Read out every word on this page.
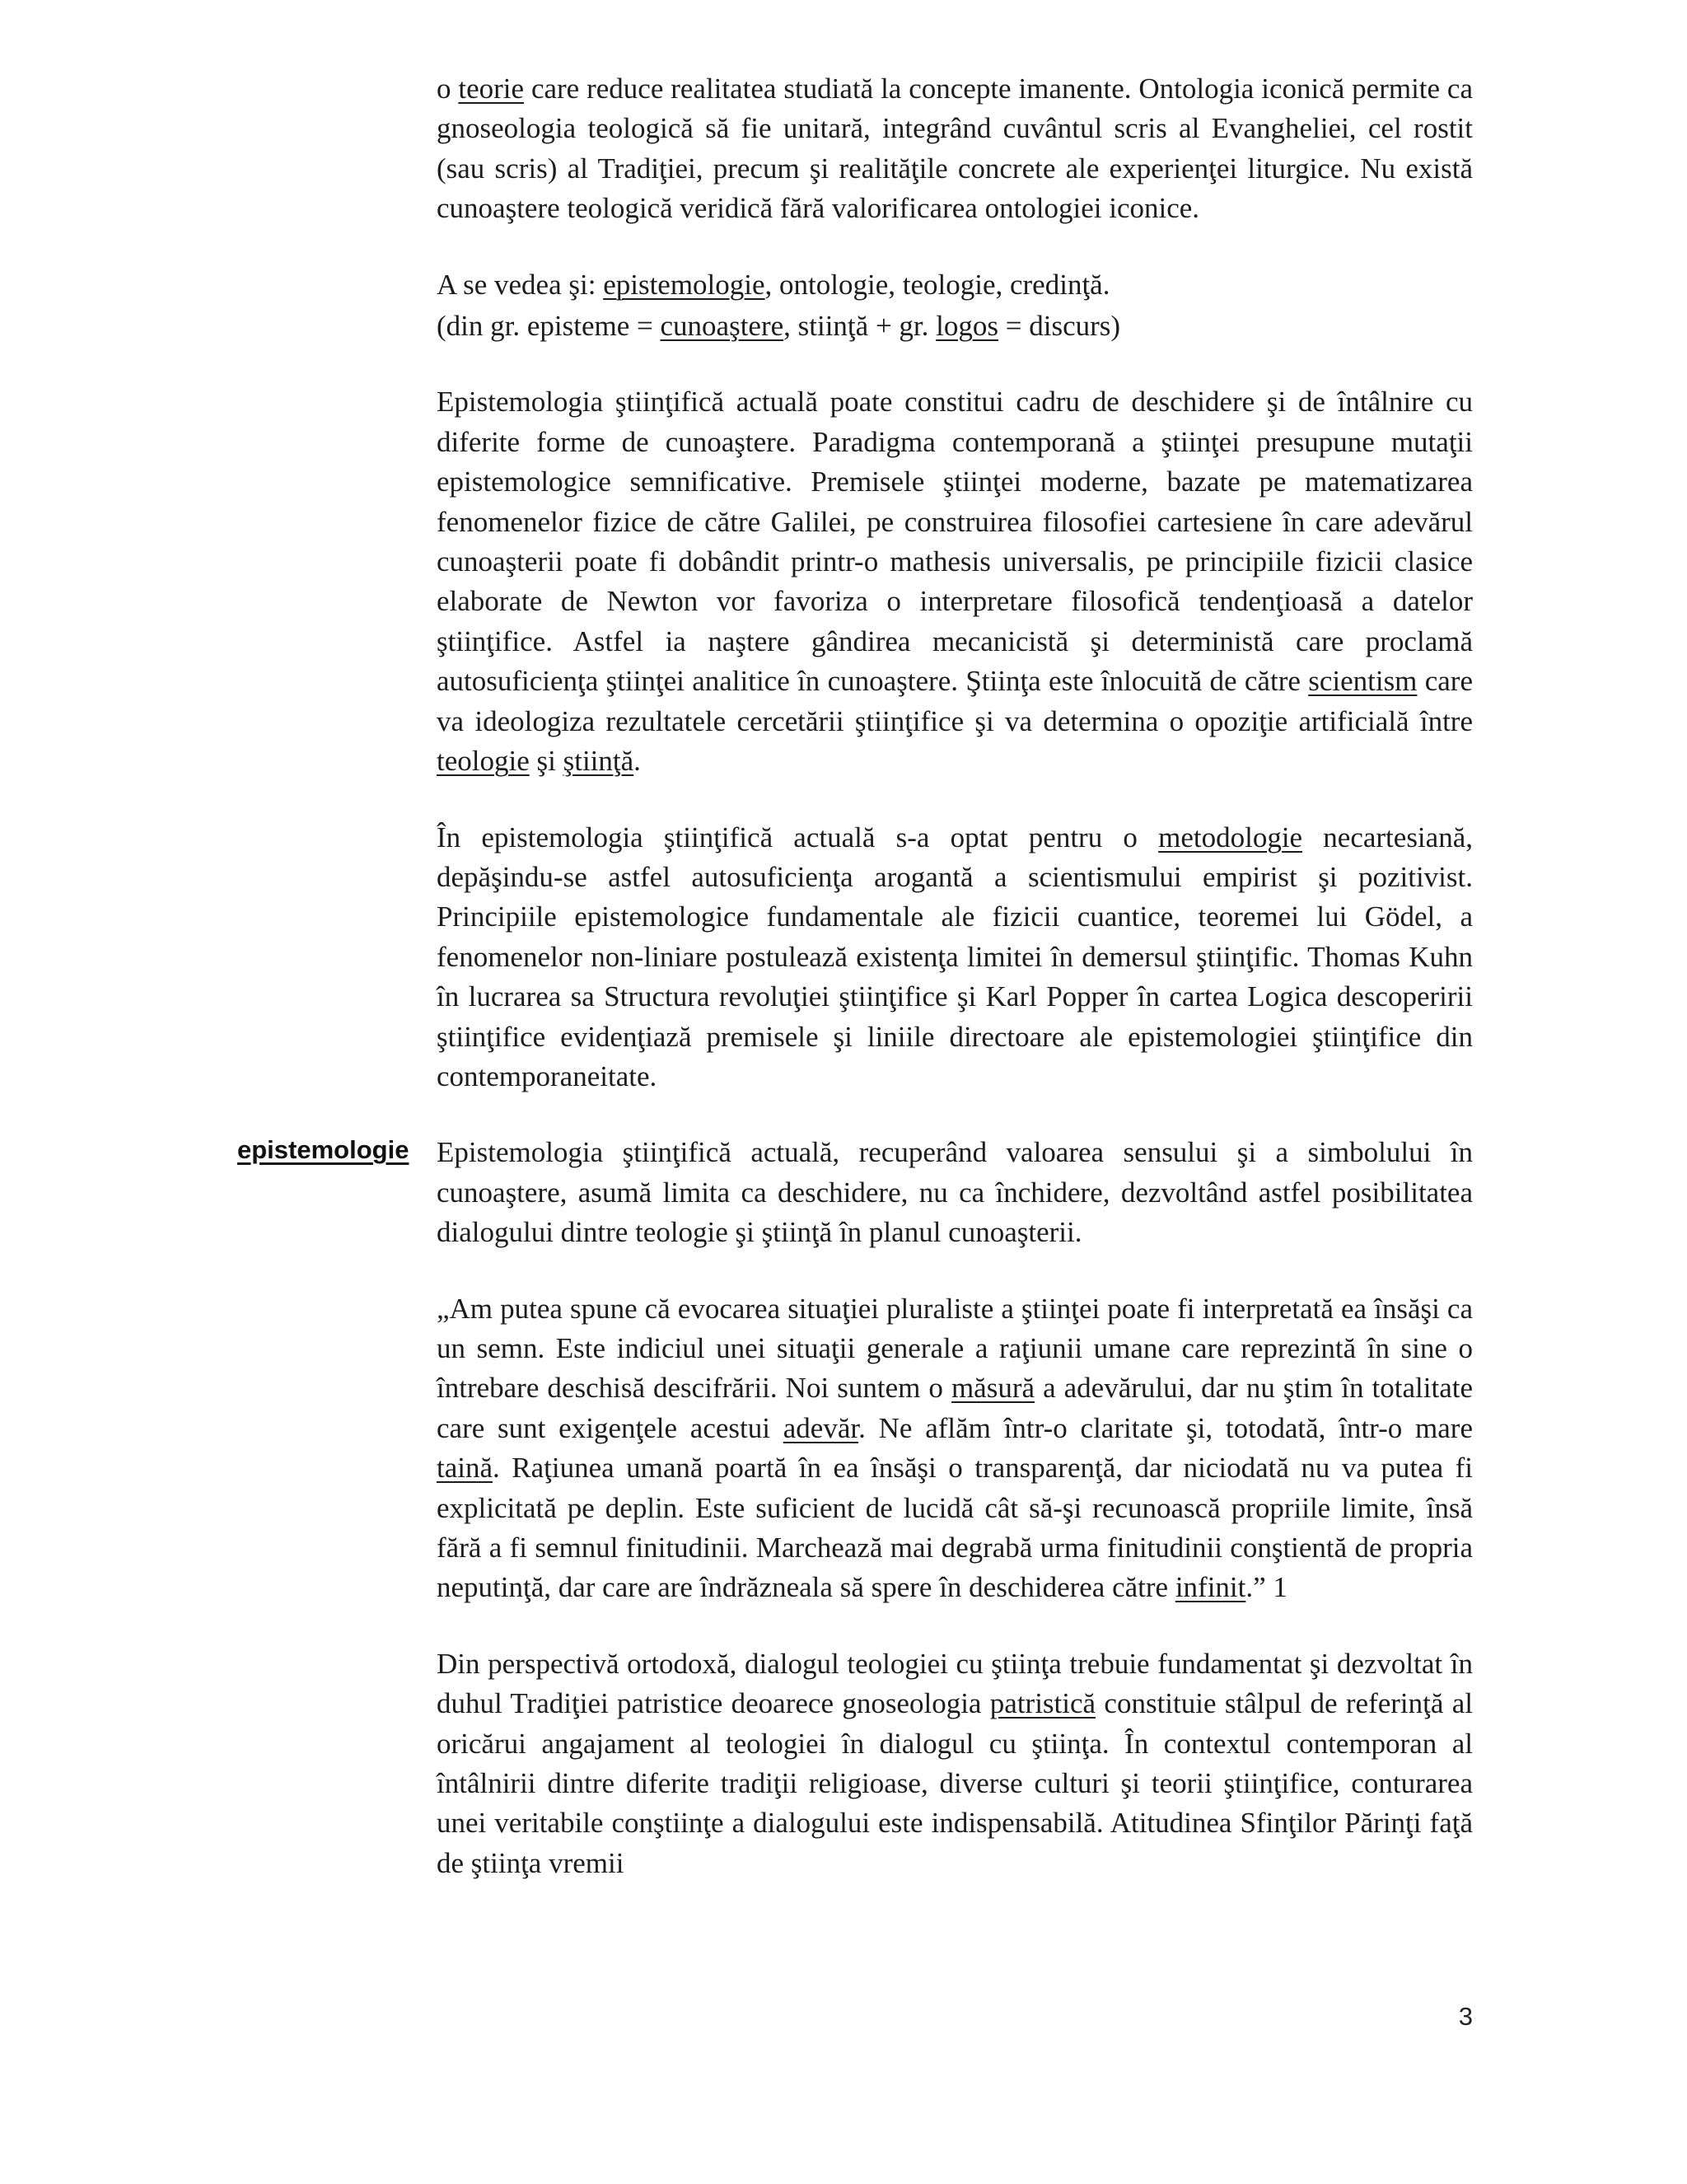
epistemologie

o teorie care reduce realitatea studiată la concepte imanente. Ontologia iconică permite ca gnoseologia teologică să fie unitară, integrând cuvântul scris al Evangheliei, cel rostit (sau scris) al Tradiţiei, precum şi realităţile concrete ale experienţei liturgice. Nu există cunoaştere teologică veridică fără valorificarea ontologiei iconice.

A se vedea şi: epistemologie, ontologie, teologie, credinţă.

(din gr. episteme = cunoaştere, stiinţă + gr. logos = discurs)

Epistemologia ştiinţifică actuală poate constitui cadru de deschidere şi de întâlnire cu diferite forme de cunoaştere. Paradigma contemporană a ştiinţei presupune mutaţii epistemologice semnificative. Premisele ştiinţei moderne, bazate pe matematizarea fenomenelor fizice de către Galilei, pe construirea filosofiei cartesiene în care adevărul cunoaşterii poate fi dobândit printr-o mathesis universalis, pe principiile fizicii clasice elaborate de Newton vor favoriza o interpretare filosofică tendenţioasă a datelor ştiinţifice. Astfel ia naştere gândirea mecanicistă şi deterministă care proclamă autosuficienţa ştiinţei analitice în cunoaştere. Ştiinţa este înlocuită de către scientism care va ideologiza rezultatele cercetării ştiinţifice şi va determina o opoziţie artificială între teologie şi ştiinţă.

În epistemologia ştiinţifică actuală s-a optat pentru o metodologie necartesiană, depăşindu-se astfel autosuficienţa arogantă a scientismului empirist şi pozitivist. Principiile epistemologice fundamentale ale fizicii cuantice, teoremei lui Gödel, a fenomenelor non-liniare postulează existenţa limitei în demersul ştiinţific. Thomas Kuhn în lucrarea sa Structura revoluţiei ştiinţifice şi Karl Popper în cartea Logica descoperirii ştiinţifice evidenţiază premisele şi liniile directoare ale epistemologiei ştiinţifice din contemporaneitate.

Epistemologia ştiinţifică actuală, recuperând valoarea sensului şi a simbolului în cunoaştere, asumă limita ca deschidere, nu ca închidere, dezvoltând astfel posibilitatea dialogului dintre teologie şi ştiinţă în planul cunoaşterii.

„Am putea spune că evocarea situaţiei pluraliste a ştiinţei poate fi interpretată ea însăşi ca un semn. Este indiciul unei situaţii generale a raţiunii umane care reprezintă în sine o întrebare deschisă descifrării. Noi suntem o măsură a adevărului, dar nu ştim în totalitate care sunt exigenţele acestui adevăr. Ne aflăm într-o claritate şi, totodată, într-o mare taină. Raţiunea umană poartă în ea însăşi o transparenţă, dar niciodată nu va putea fi explicitată pe deplin. Este suficient de lucidă cât să-şi recunoască propriile limite, însă fără a fi semnul finitudinii. Marchează mai degrabă urma finitudinii conştientă de propria neputinţă, dar care are îndrăzneala să spere în deschiderea către infinit.” 1

Din perspectivă ortodoxă, dialogul teologiei cu ştiinţa trebuie fundamentat şi dezvoltat în duhul Tradiţiei patristice deoarece gnoseologia patristică constituie stâlpul de referinţă al oricărui angajament al teologiei în dialogul cu ştiinţa. În contextul contemporan al întâlnirii dintre diferite tradiţii religioase, diverse culturi şi teorii ştiinţifice, conturarea unei veritabile conştiinţe a dialogului este indispensabilă. Atitudinea Sfinţilor Părinţi faţă de ştiinţa vremii

3
